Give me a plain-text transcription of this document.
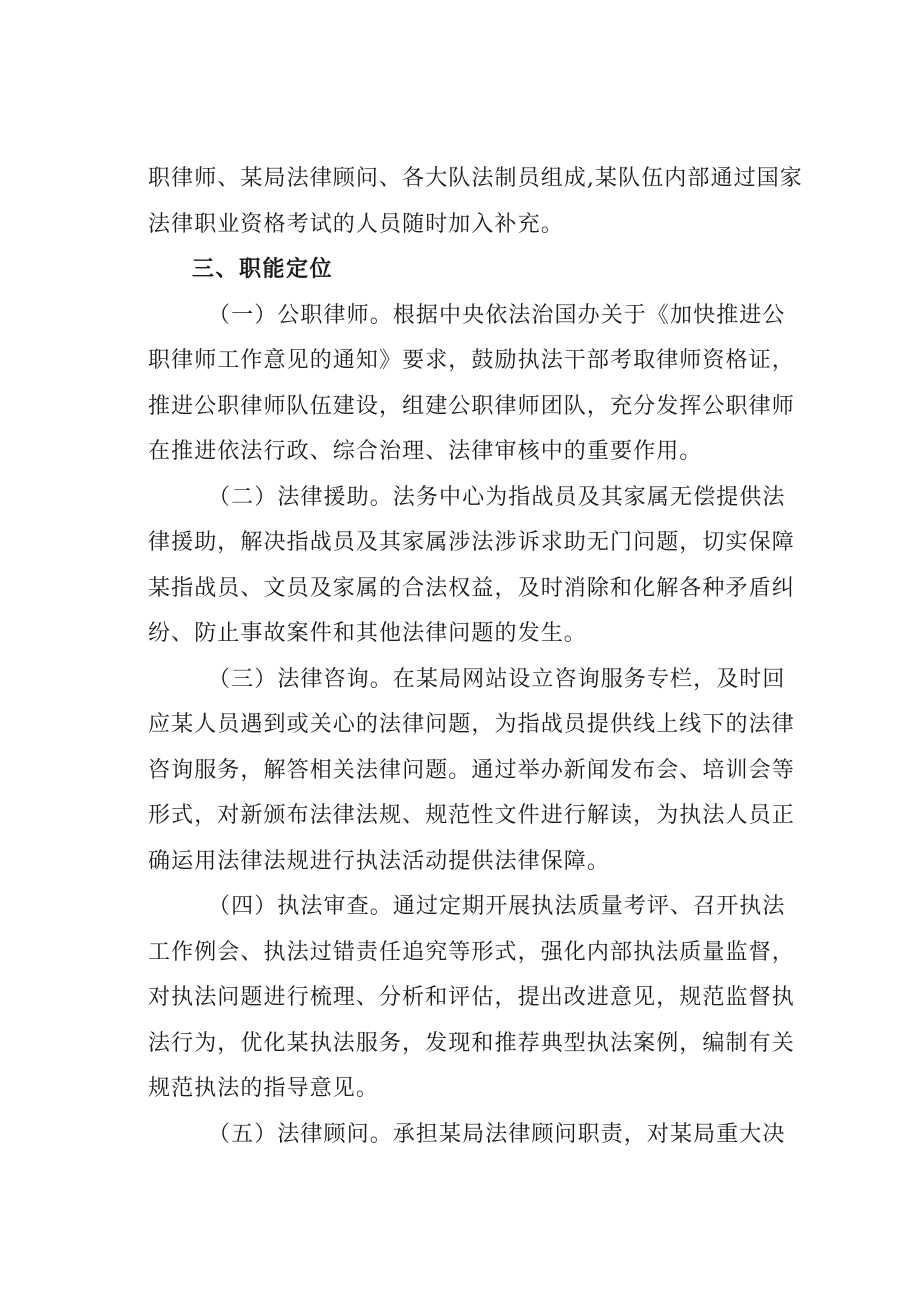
职律师、某局法律顾问、各大队法制员组成,某队伍内部通过国家
法律职业资格考试的人员随时加入补充。
三、职能定位
（一）公职律师。根据中央依法治国办关于《加快推进公
职律师工作意见的通知》要求，鼓励执法干部考取律师资格证，
推进公职律师队伍建设，组建公职律师团队，充分发挥公职律师
在推进依法行政、综合治理、法律审核中的重要作用。
（二）法律援助。法务中心为指战员及其家属无偿提供法
律援助，解决指战员及其家属涉法涉诉求助无门问题，切实保障
某指战员、文员及家属的合法权益，及时消除和化解各种矛盾纠
纷、防止事故案件和其他法律问题的发生。
（三）法律咨询。在某局网站设立咨询服务专栏，及时回
应某人员遇到或关心的法律问题，为指战员提供线上线下的法律
咨询服务，解答相关法律问题。通过举办新闻发布会、培训会等
形式，对新颁布法律法规、规范性文件进行解读，为执法人员正
确运用法律法规进行执法活动提供法律保障。
（四）执法审查。通过定期开展执法质量考评、召开执法
工作例会、执法过错责任追究等形式，强化内部执法质量监督，
对执法问题进行梳理、分析和评估，提出改进意见，规范监督执
法行为，优化某执法服务，发现和推荐典型执法案例，编制有关
规范执法的指导意见。
（五）法律顾问。承担某局法律顾问职责，对某局重大决
